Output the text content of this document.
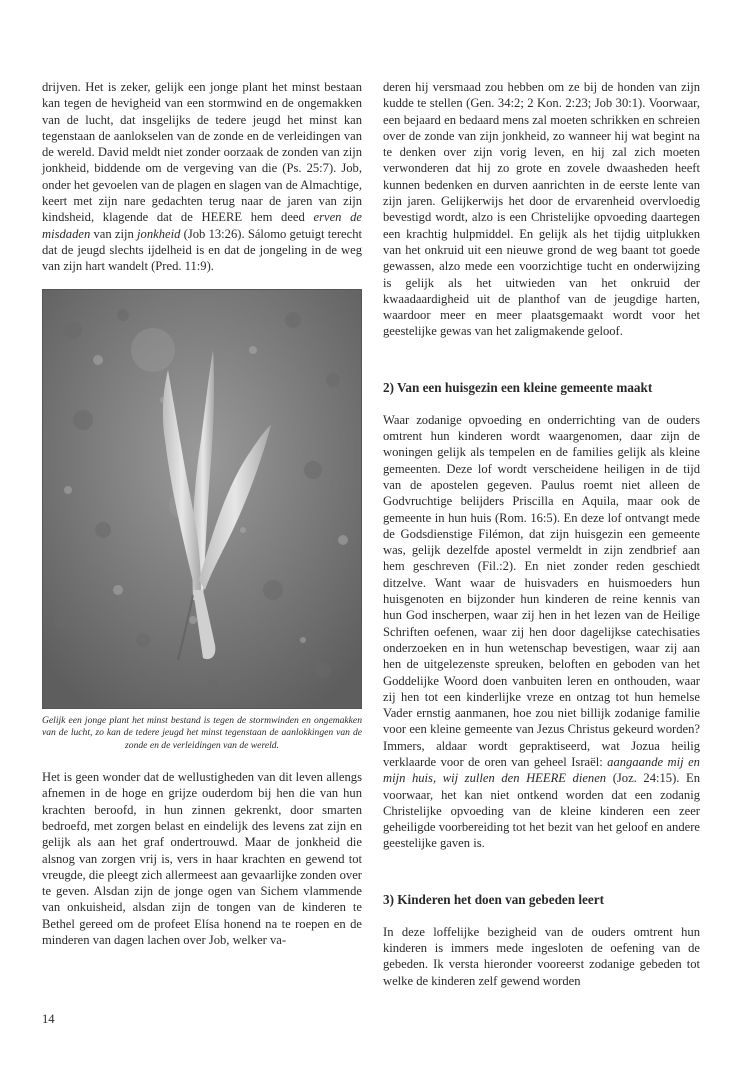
drijven. Het is zeker, gelijk een jonge plant het minst bestaan kan tegen de hevigheid van een stormwind en de ongemakken van de lucht, dat insgelijks de tedere jeugd het minst kan tegenstaan de aanlokselen van de zonde en de verleidingen van de wereld. David meldt niet zonder oorzaak de zonden van zijn jonkheid, biddende om de vergeving van die (Ps. 25:7). Job, onder het gevoelen van de plagen en slagen van de Almachtige, keert met zijn nare gedachten terug naar de jaren van zijn kindsheid, klagende dat de HEERE hem deed erven de misdaden van zijn jonkheid (Job 13:26). Sálomo getuigt terecht dat de jeugd slechts ijdelheid is en dat de jongeling in de weg van zijn hart wandelt (Pred. 11:9).

Gelijk een jonge plant het minst bestand is tegen de stormwinden en ongemakken van de lucht, zo kan de tedere jeugd het minst tegenstaan de aanlokkingen van de zonde en de verleidingen van de wereld.

Het is geen wonder dat de wellustigheden van dit leven allengs afnemen in de hoge en grijze ouderdom bij hen die van hun krachten beroofd, in hun zinnen gekrenkt, door smarten bedroefd, met zorgen belast en eindelijk des levens zat zijn en gelijk als aan het graf ondertrouwd. Maar de jonkheid die alsnog van zorgen vrij is, vers in haar krachten en gewend tot vreugde, die pleegt zich allermeest aan gevaarlijke zonden over te geven. Alsdan zijn de jonge ogen van Sichem vlammende van onkuisheid, alsdan zijn de tongen van de kinderen te Bethel gereed om de profeet Elísa honend na te roepen en de minderen van dagen lachen over Job, welker va-

deren hij versmaad zou hebben om ze bij de honden van zijn kudde te stellen (Gen. 34:2; 2 Kon. 2:23; Job 30:1). Voorwaar, een bejaard en bedaard mens zal moeten schrikken en schreien over de zonde van zijn jonkheid, zo wanneer hij wat begint na te denken over zijn vorig leven, en hij zal zich moeten verwonderen dat hij zo grote en zovele dwaasheden heeft kunnen bedenken en durven aanrichten in de eerste lente van zijn jaren. Gelijkerwijs het door de ervarenheid overvloedig bevestigd wordt, alzo is een Christelijke opvoeding daartegen een krachtig hulpmiddel. En gelijk als het tijdig uitplukken van het onkruid uit een nieuwe grond de weg baant tot goede gewassen, alzo mede een voorzichtige tucht en onderwijzing is gelijk als het uitwieden van het onkruid der kwaadaardigheid uit de planthof van de jeugdige harten, waardoor meer en meer plaatsgemaakt wordt voor het geestelijke gewas van het zaligmakende geloof.

2) Van een huisgezin een kleine gemeente maakt

Waar zodanige opvoeding en onderrichting van de ouders omtrent hun kinderen wordt waargenomen, daar zijn de woningen gelijk als tempelen en de families gelijk als kleine gemeenten. Deze lof wordt verscheidene heiligen in de tijd van de apostelen gegeven. Paulus roemt niet alleen de Godvruchtige belijders Priscilla en Aquila, maar ook de gemeente in hun huis (Rom. 16:5). En deze lof ontvangt mede de Godsdienstige Filémon, dat zijn huisgezin een gemeente was, gelijk dezelfde apostel vermeldt in zijn zendbrief aan hem geschreven (Fil.:2). En niet zonder reden geschiedt ditzelve. Want waar de huisvaders en huismoeders hun huisgenoten en bijzonder hun kinderen de reine kennis van hun God inscherpen, waar zij hen in het lezen van de Heilige Schriften oefenen, waar zij hen door dagelijkse catechisaties onderzoeken en in hun wetenschap bevestigen, waar zij aan hen de uitgelezenste spreuken, beloften en geboden van het Goddelijke Woord doen vanbuiten leren en onthouden, waar zij hen tot een kinderlijke vreze en ontzag tot hun hemelse Vader ernstig aanmanen, hoe zou niet billijk zodanige familie voor een kleine gemeente van Jezus Christus gekeurd worden? Immers, aldaar wordt gepraktiseerd, wat Jozua heilig verklaarde voor de oren van geheel Israël: aangaande mij en mijn huis, wij zullen den HEERE dienen (Joz. 24:15). En voorwaar, het kan niet ontkend worden dat een zodanig Christelijke opvoeding van de kleine kinderen een zeer geheiligde voorbereiding tot het bezit van het geloof en andere geestelijke gaven is.

3) Kinderen het doen van gebeden leert

In deze loffelijke bezigheid van de ouders omtrent hun kinderen is immers mede ingesloten de oefening van de gebeden. Ik versta hieronder vooreerst zodanige gebeden tot welke de kinderen zelf gewend worden

14
